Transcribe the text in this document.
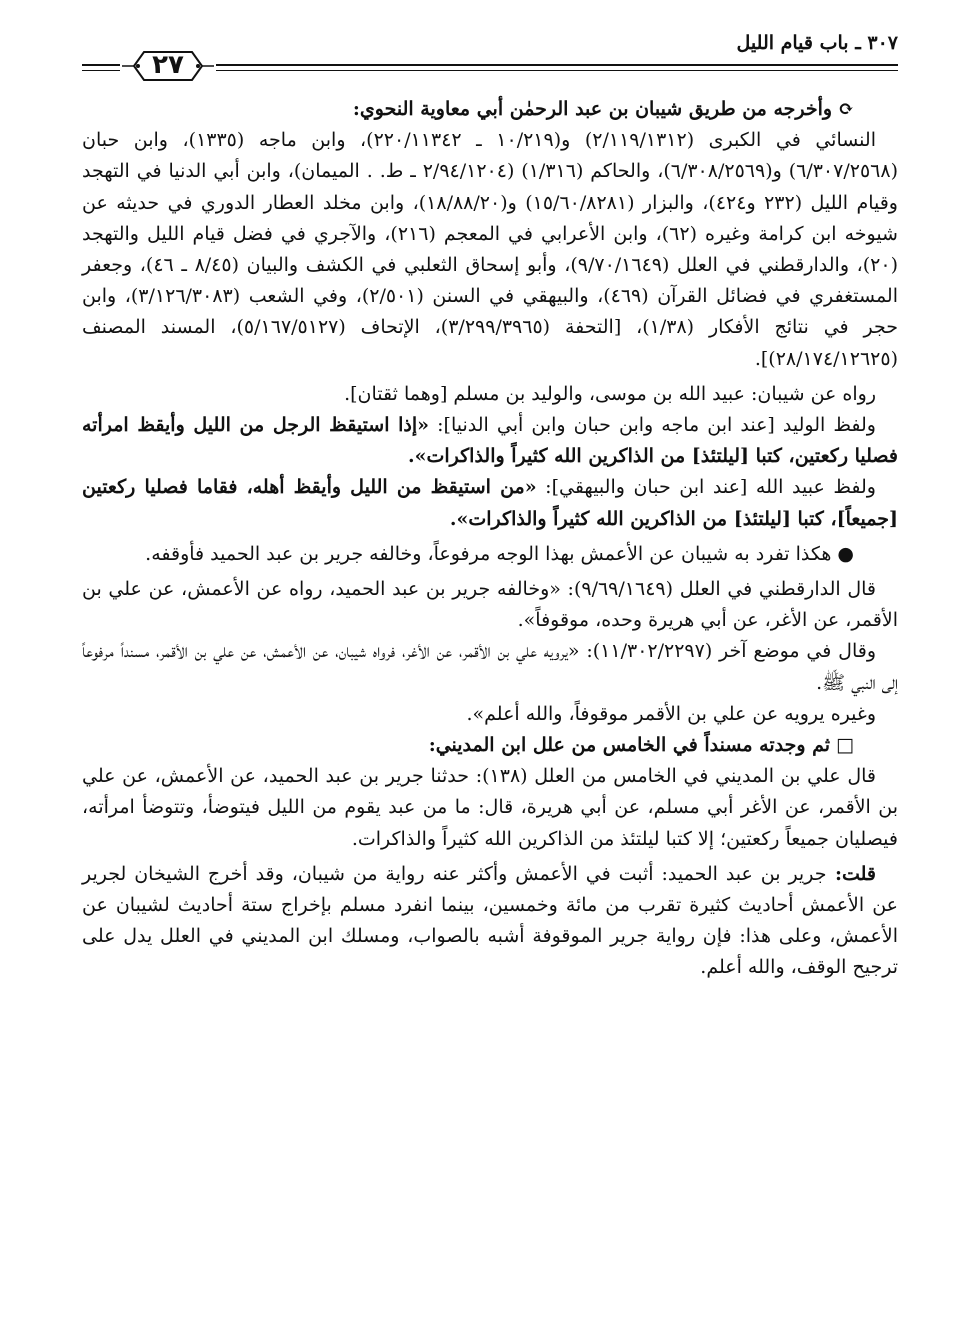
٣٠٧ ـ باب قيام الليل
٢٧

⟳وأخرجه من طريق شيبان بن عبد الرحمٰن أبي معاوية النحوي:

النسائي في الكبرى (٢/١١٩/١٣١٢) و(١٠/٢١٩ ـ ٢٢٠/١١٣٤٢)، وابن ماجه (١٣٣٥)، وابن حبان (٦/٣٠٧/٢٥٦٨) و(٦/٣٠٨/٢٥٦٩)، والحاكم (١/٣١٦) (٢/٩٤/١٢٠٤ ـ ط. . الميمان)، وابن أبي الدنيا في التهجد وقيام الليل (٢٣٢ و٤٢٤)، والبزار (١٥/٦٠/٨٢٨١) و(١٨/٨٨/٢٠)، وابن مخلد العطار الدوري في حديثه عن شيوخه ابن كرامة وغيره (٦٢)، وابن الأعرابي في المعجم (٢١٦)، والآجري في فضل قيام الليل والتهجد (٢٠)، والدارقطني في العلل (٩/٧٠/١٦٤٩)، وأبو إسحاق الثعلبي في الكشف والبيان (٨/٤٥ ـ ٤٦)، وجعفر المستغفري في فضائل القرآن (٤٦٩)، والبيهقي في السنن (٢/٥٠١)، وفي الشعب (٣/١٢٦/٣٠٨٣)، وابن حجر في نتائج الأفكار (١/٣٨)، [التحفة (٣/٢٩٩/٣٩٦٥)، الإتحاف (٥/١٦٧/٥١٢٧)، المسند المصنف (٢٨/١٧٤/١٢٦٢٥)].

رواه عن شيبان: عبيد الله بن موسى، والوليد بن مسلم [وهما ثقتان].

ولفظ الوليد [عند ابن ماجه وابن حبان وابن أبي الدنيا]: «إذا استيقظ الرجل من الليل وأيقظ امرأته فصليا ركعتين، كتبا [ليلتئذ] من الذاكرين الله كثيراً والذاكرات».

ولفظ عبيد الله [عند ابن حبان والبيهقي]: «من استيقظ من الليل وأيقظ أهله، فقاما فصليا ركعتين [جميعاً]، كتبا [ليلتئذ] من الذاكرين الله كثيراً والذاكرات».

●هكذا تفرد به شيبان عن الأعمش بهذا الوجه مرفوعاً، وخالفه جرير بن عبد الحميد فأوقفه.

قال الدارقطني في العلل (٩/٦٩/١٦٤٩): «وخالفه جرير بن عبد الحميد، رواه عن الأعمش، عن علي بن الأقمر، عن الأغر، عن أبي هريرة وحده، موقوفاً».

وقال في موضع آخر (١١/٣٠٢/٢٢٩٧): «يرويه علي بن الأقمر، عن الأغر، فرواه شيبان، عن الأعمش، عن علي بن الأقمر، مسنداً مرفوعاً إلى النبي ﷺ.

وغيره يرويه عن علي بن الأقمر موقوفاً، والله أعلم».

□ثم وجدته مسنداً في الخامس من علل ابن المديني:

قال علي بن المديني في الخامس من العلل (١٣٨): حدثنا جرير بن عبد الحميد، عن الأعمش، عن علي بن الأقمر، عن الأغر أبي مسلم، عن أبي هريرة، قال: ما من عبد يقوم من الليل فيتوضأ، وتتوضأ امرأته، فيصليان جميعاً ركعتين؛ إلا كتبا ليلتئذ من الذاكرين الله كثيراً والذاكرات.

قلت: جرير بن عبد الحميد: أثبت في الأعمش وأكثر عنه رواية من شيبان، وقد أخرج الشيخان لجرير عن الأعمش أحاديث كثيرة تقرب من مائة وخمسين، بينما انفرد مسلم بإخراج ستة أحاديث لشيبان عن الأعمش، وعلى هذا: فإن رواية جرير الموقوفة أشبه بالصواب، ومسلك ابن المديني في العلل يدل على ترجيح الوقف، والله أعلم.
